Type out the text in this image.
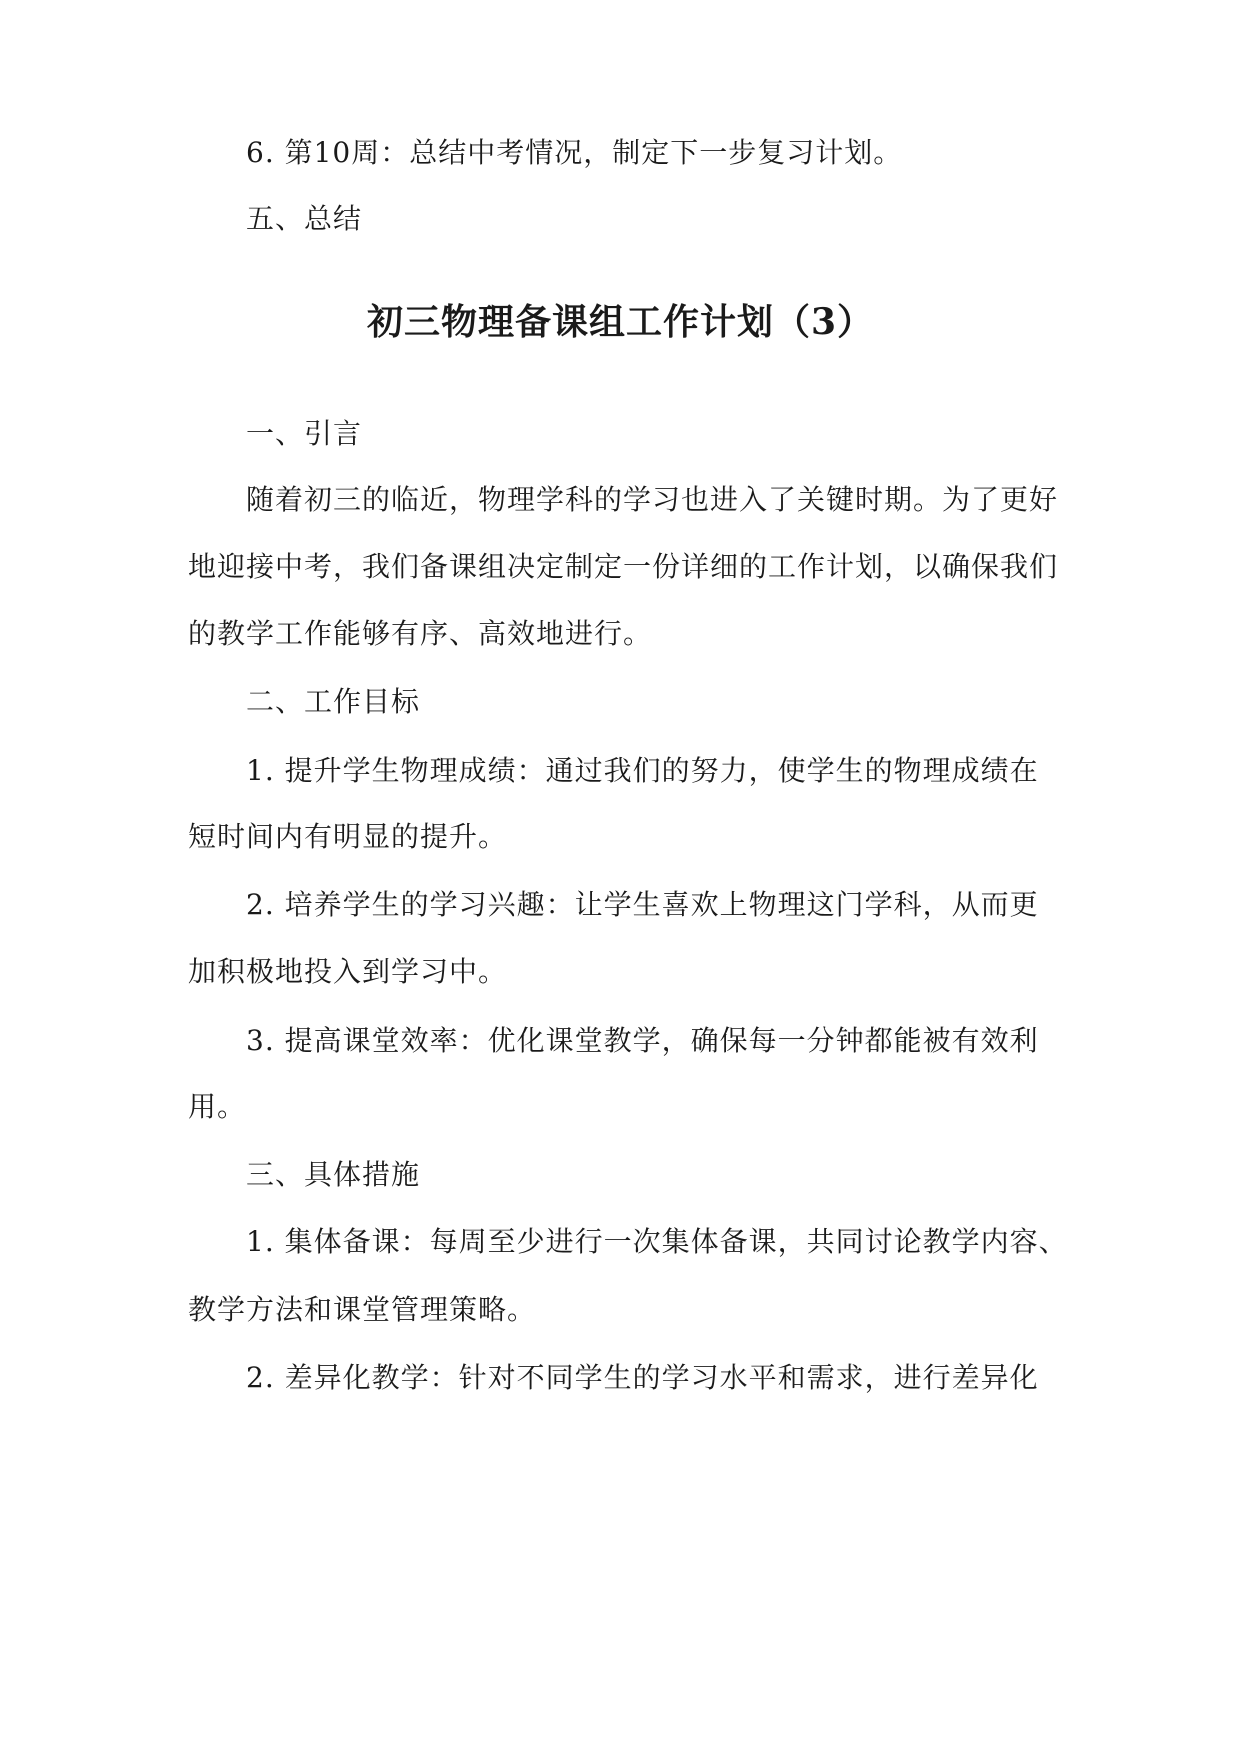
6. 第10周：总结中考情况，制定下一步复习计划。
五、总结
初三物理备课组工作计划（3）
一、引言
随着初三的临近，物理学科的学习也进入了关键时期。为了更好
地迎接中考，我们备课组决定制定一份详细的工作计划，以确保我们
的教学工作能够有序、高效地进行。
二、工作目标
1. 提升学生物理成绩：通过我们的努力，使学生的物理成绩在
短时间内有明显的提升。
2. 培养学生的学习兴趣：让学生喜欢上物理这门学科，从而更
加积极地投入到学习中。
3. 提高课堂效率：优化课堂教学，确保每一分钟都能被有效利
用。
三、具体措施
1. 集体备课：每周至少进行一次集体备课，共同讨论教学内容、
教学方法和课堂管理策略。
2. 差异化教学：针对不同学生的学习水平和需求，进行差异化
